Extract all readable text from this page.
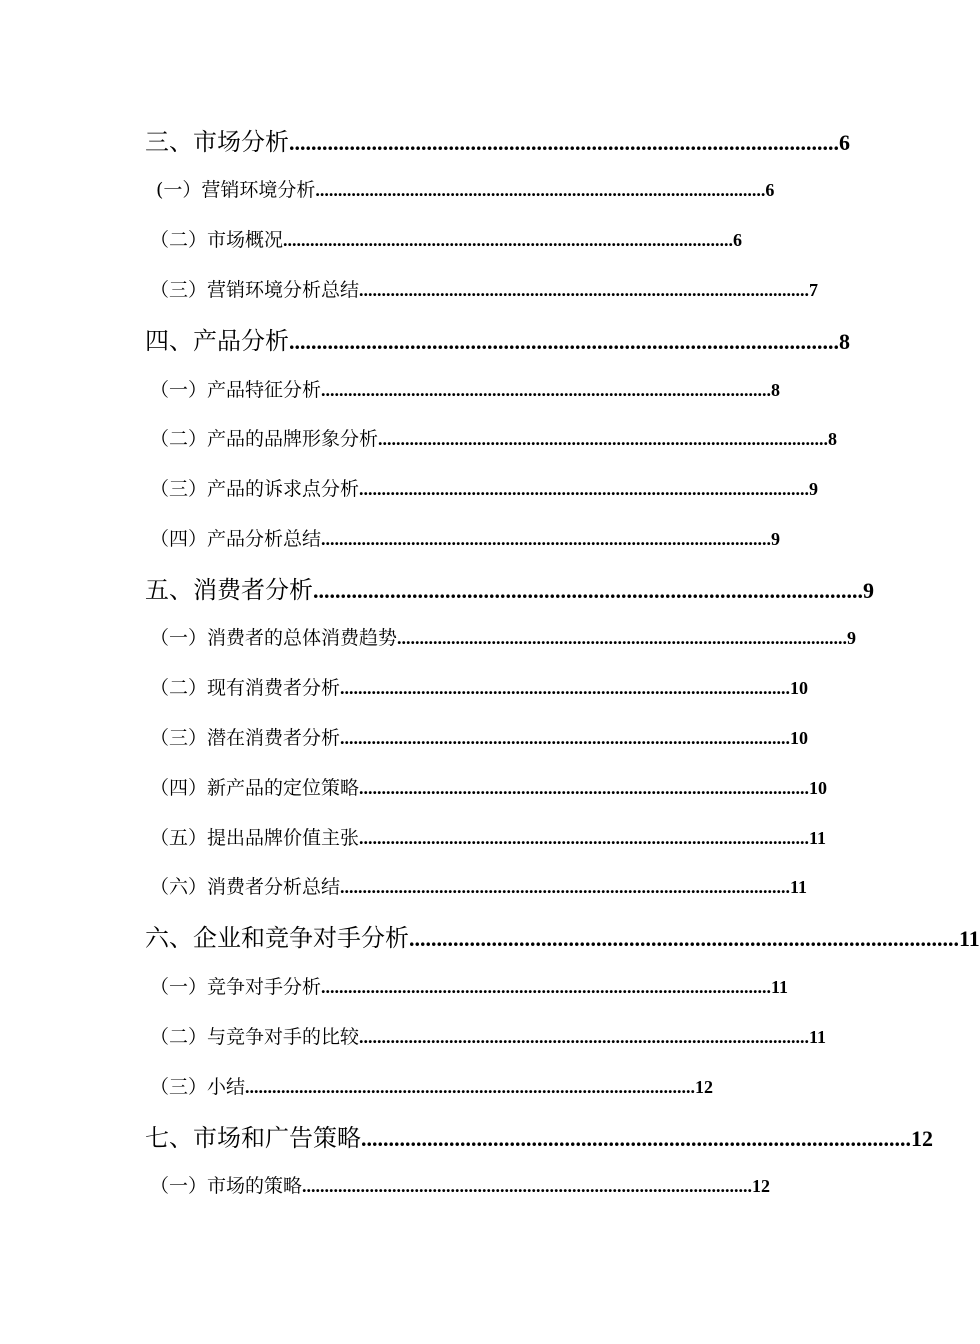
三、市场分析 .................................................................................................... 6
(一）营销环境分析 .................................................................................................... 6
（二）市场概况 .................................................................................................... 6
（三）营销环境分析总结 .................................................................................................... 7
四、产品分析 .................................................................................................... 8
（一）产品特征分析 .................................................................................................... 8
（二）产品的品牌形象分析 .................................................................................................... 8
（三）产品的诉求点分析 .................................................................................................... 9
（四）产品分析总结 .................................................................................................... 9
五、消费者分析 .................................................................................................... 9
（一）消费者的总体消费趋势 .................................................................................................... 9
（二）现有消费者分析 .................................................................................................... 10
（三）潜在消费者分析 .................................................................................................... 10
（四）新产品的定位策略 .................................................................................................... 10
（五）提出品牌价值主张 .................................................................................................... 11
（六）消费者分析总结 .................................................................................................... 11
六、企业和竞争对手分析 .................................................................................................... 11
（一）竞争对手分析 .................................................................................................... 11
（二）与竞争对手的比较 .................................................................................................... 11
（三）小结 .................................................................................................... 12
七、市场和广告策略 .................................................................................................... 12
（一）市场的策略 .................................................................................................... 12
